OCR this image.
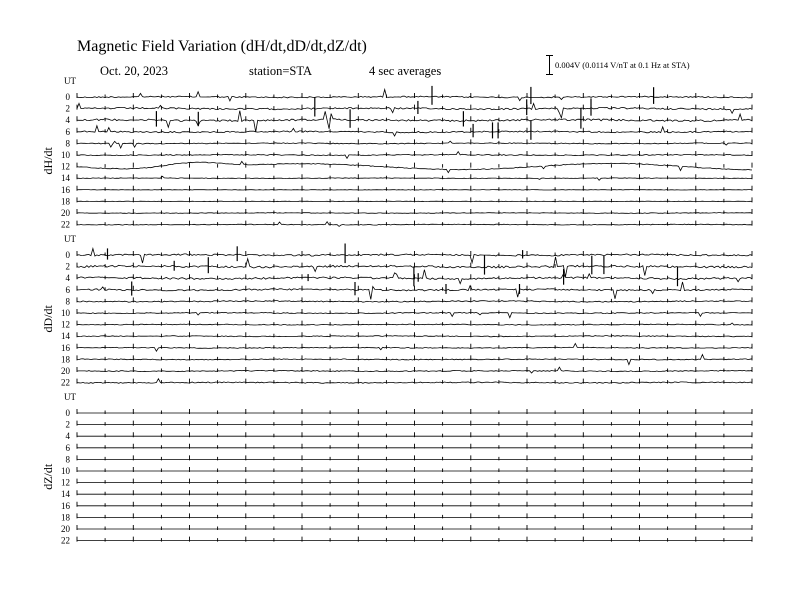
Magnetic Field Variation (dH/dt,dD/dt,dZ/dt)
Oct. 20, 2023	station=STA	4 sec averages	0.004V (0.0114 V/nT at 0.1 Hz at STA)
UT
dH/dt
0
2
4
6
8
10
12
14
16
18
20
22
UT
dD/dt
0
2
4
6
8
10
12
14
16
18
20
22
UT
dZ/dt
0
2
4
6
8
10
12
14
16
18
20
22
